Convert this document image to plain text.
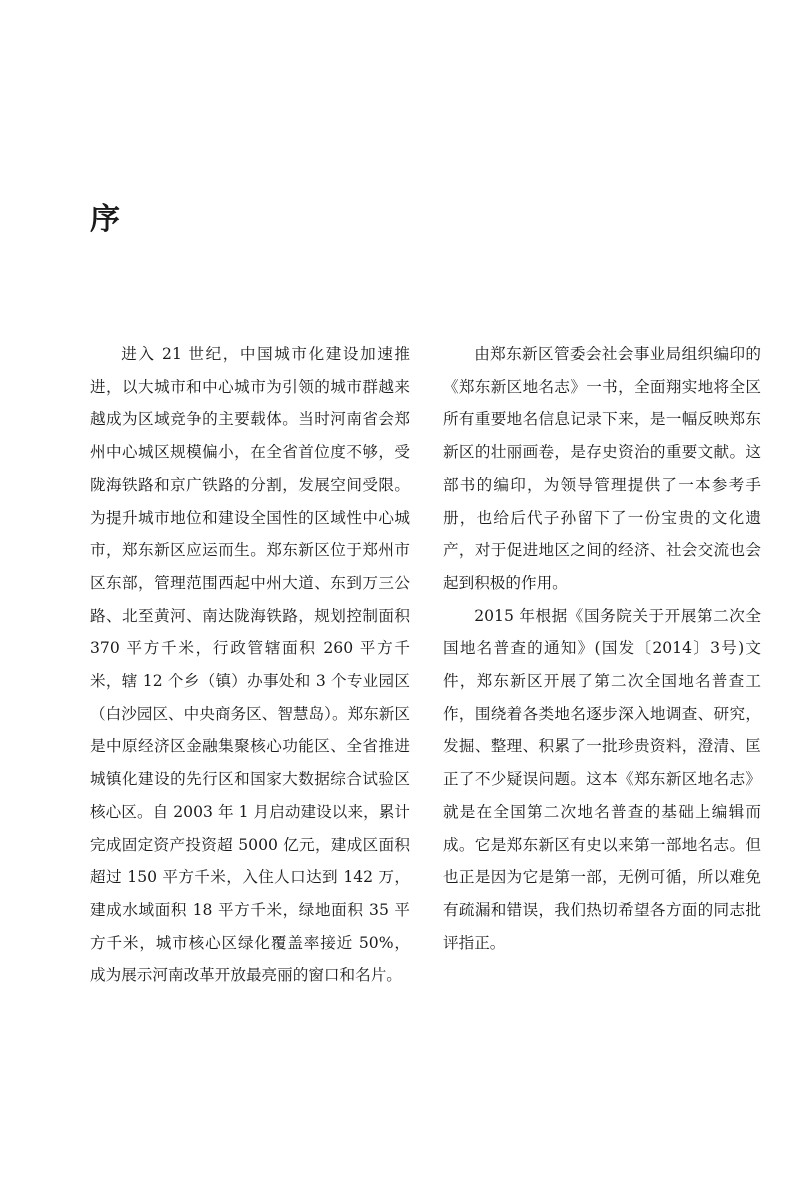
序

进入 21 世纪，中国城市化建设加速推进，以大城市和中心城市为引领的城市群越来越成为区域竞争的主要载体。当时河南省会郑州中心城区规模偏小，在全省首位度不够，受陇海铁路和京广铁路的分割，发展空间受限。为提升城市地位和建设全国性的区域性中心城市，郑东新区应运而生。郑东新区位于郑州市区东部，管理范围西起中州大道、东到万三公路、北至黄河、南达陇海铁路，规划控制面积 370 平方千米，行政管辖面积 260 平方千米，辖 12 个乡（镇）办事处和 3 个专业园区（白沙园区、中央商务区、智慧岛）。郑东新区是中原经济区金融集聚核心功能区、全省推进城镇化建设的先行区和国家大数据综合试验区核心区。自 2003 年 1 月启动建设以来，累计完成固定资产投资超 5000 亿元，建成区面积超过 150 平方千米，入住人口达到 142 万，建成水域面积 18 平方千米，绿地面积 35 平方千米，城市核心区绿化覆盖率接近 50%，成为展示河南改革开放最亮丽的窗口和名片。

由郑东新区管委会社会事业局组织编印的《郑东新区地名志》一书，全面翔实地将全区所有重要地名信息记录下来，是一幅反映郑东新区的壮丽画卷，是存史资治的重要文献。这部书的编印，为领导管理提供了一本参考手册，也给后代子孙留下了一份宝贵的文化遗产，对于促进地区之间的经济、社会交流也会起到积极的作用。

2015 年根据《国务院关于开展第二次全国地名普查的通知》(国发〔2014〕3号)文件，郑东新区开展了第二次全国地名普查工作，围绕着各类地名逐步深入地调查、研究，发掘、整理、积累了一批珍贵资料，澄清、匡正了不少疑误问题。这本《郑东新区地名志》就是在全国第二次地名普查的基础上编辑而成。它是郑东新区有史以来第一部地名志。但也正是因为它是第一部，无例可循，所以难免有疏漏和错误，我们热切希望各方面的同志批评指正。
